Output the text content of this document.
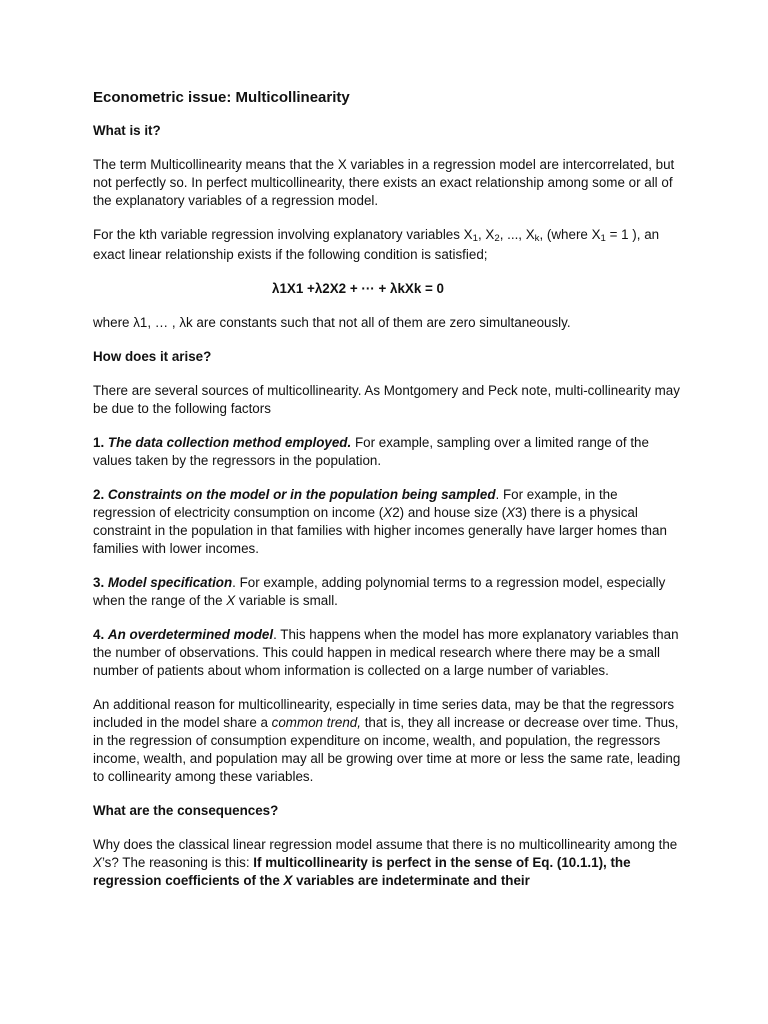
Econometric issue: Multicollinearity
What is it?

The term Multicollinearity means that the X variables in a regression model are intercorrelated, but not perfectly so. In perfect multicollinearity, there exists an exact relationship among some or all of the explanatory variables of a regression model.

For the kth variable regression involving explanatory variables $X_1$, $X_2$, ..., $X_k$, (where $X_1 = 1$ ), an exact linear relationship exists if the following condition is satisfied;

λ1X1 +λ2X2 + ··· + λkXk = 0

where λ1, … , λk are constants such that not all of them are zero simultaneously.

How does it arise?

There are several sources of multicollinearity. As Montgomery and Peck note, multi-collinearity may be due to the following factors

1. The data collection method employed. For example, sampling over a limited range of the values taken by the regressors in the population.

2. Constraints on the model or in the population being sampled. For example, in the regression of electricity consumption on income (X2) and house size (X3) there is a physical constraint in the population in that families with higher incomes generally have larger homes than families with lower incomes.

3. Model specification. For example, adding polynomial terms to a regression model, especially when the range of the X variable is small.

4. An overdetermined model. This happens when the model has more explanatory variables than the number of observations. This could happen in medical research where there may be a small number of patients about whom information is collected on a large number of variables.

An additional reason for multicollinearity, especially in time series data, may be that the regressors included in the model share a common trend, that is, they all increase or decrease over time. Thus, in the regression of consumption expenditure on income, wealth, and population, the regressors income, wealth, and population may all be growing over time at more or less the same rate, leading to collinearity among these variables.

What are the consequences?

Why does the classical linear regression model assume that there is no multicollinearity among the X’s? The reasoning is this: If multicollinearity is perfect in the sense of Eq. (10.1.1), the regression coefficients of the X variables are indeterminate and their
